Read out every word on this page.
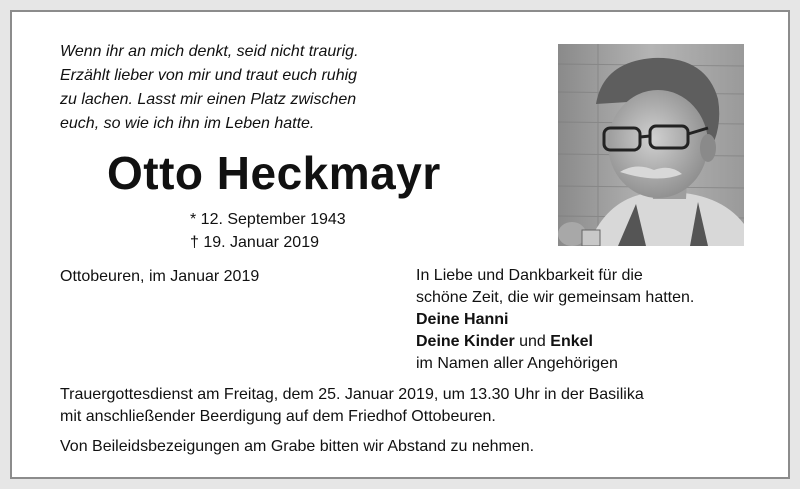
Wenn ihr an mich denkt, seid nicht traurig.
Erzählt lieber von mir und traut euch ruhig
zu lachen. Lasst mir einen Platz zwischen
euch, so wie ich ihn im Leben hatte.
Otto Heckmayr
* 12. September 1943
† 19. Januar 2019
Ottobeuren, im Januar 2019	In Liebe und Dankbarkeit für die
schöne Zeit, die wir gemeinsam hatten.
Deine Hanni
Deine Kinder und Enkel
im Namen aller Angehörigen
Trauergottesdienst am Freitag, dem 25. Januar 2019, um 13.30 Uhr in der Basilika
mit anschließender Beerdigung auf dem Friedhof Ottobeuren.
Von Beileidsbezeigungen am Grabe bitten wir Abstand zu nehmen.
